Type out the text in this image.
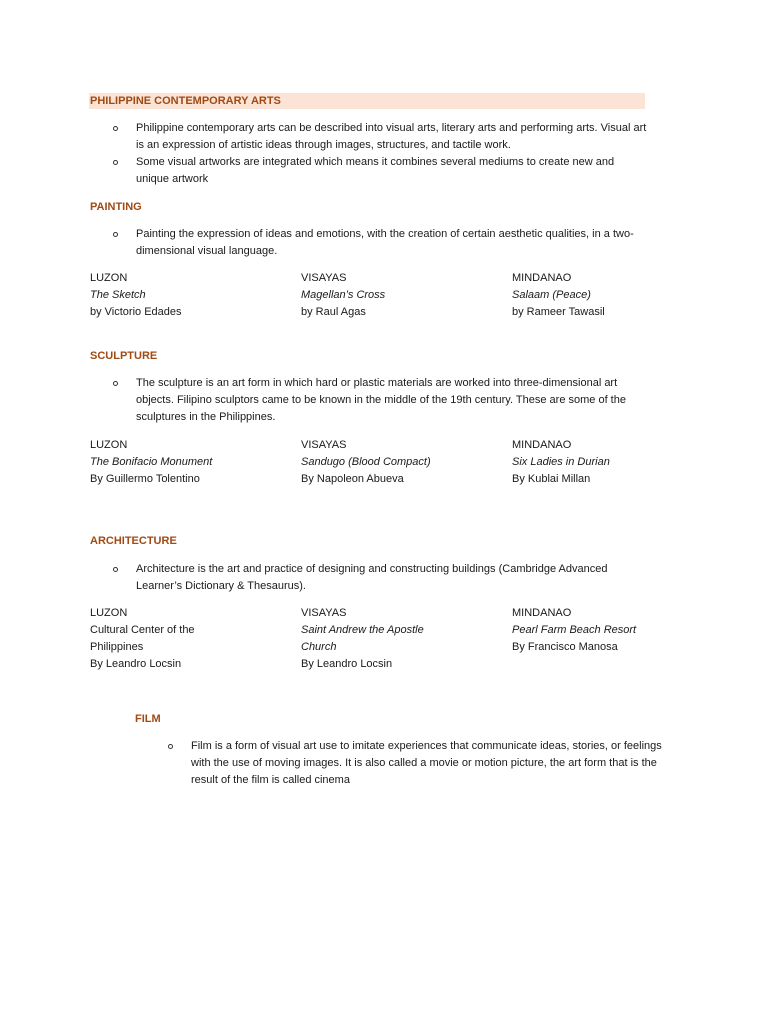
PHILIPPINE CONTEMPORARY ARTS
Philippine contemporary arts can be described into visual arts, literary arts and performing arts. Visual art is an expression of artistic ideas through images, structures, and tactile work.
Some visual artworks are integrated which means it combines several mediums to create new and unique artwork
PAINTING
Painting the expression of ideas and emotions, with the creation of certain aesthetic qualities, in a two-dimensional visual language.
LUZON
The Sketch
by Victorio Edades
VISAYAS
Magellan’s Cross
by Raul Agas
MINDANAO
Salaam (Peace)
by Rameer Tawasil
SCULPTURE
The sculpture is an art form in which hard or plastic materials are worked into three-dimensional art objects. Filipino sculptors came to be known in the middle of the 19th century. These are some of the sculptures in the Philippines.
LUZON
The Bonifacio Monument
By Guillermo Tolentino
VISAYAS
Sandugo (Blood Compact)
By Napoleon Abueva
MINDANAO
Six Ladies in Durian
By Kublai Millan
ARCHITECTURE
Architecture is the art and practice of designing and constructing buildings (Cambridge Advanced Learner’s Dictionary & Thesaurus).
LUZON
Cultural Center of the Philippines
By Leandro Locsin
VISAYAS
Saint Andrew the Apostle Church
By Leandro Locsin
MINDANAO
Pearl Farm Beach Resort
By Francisco Manosa
FILM
Film is a form of visual art use to imitate experiences that communicate ideas, stories, or feelings with the use of moving images. It is also called a movie or motion picture, the art form that is the result of the film is called cinema
